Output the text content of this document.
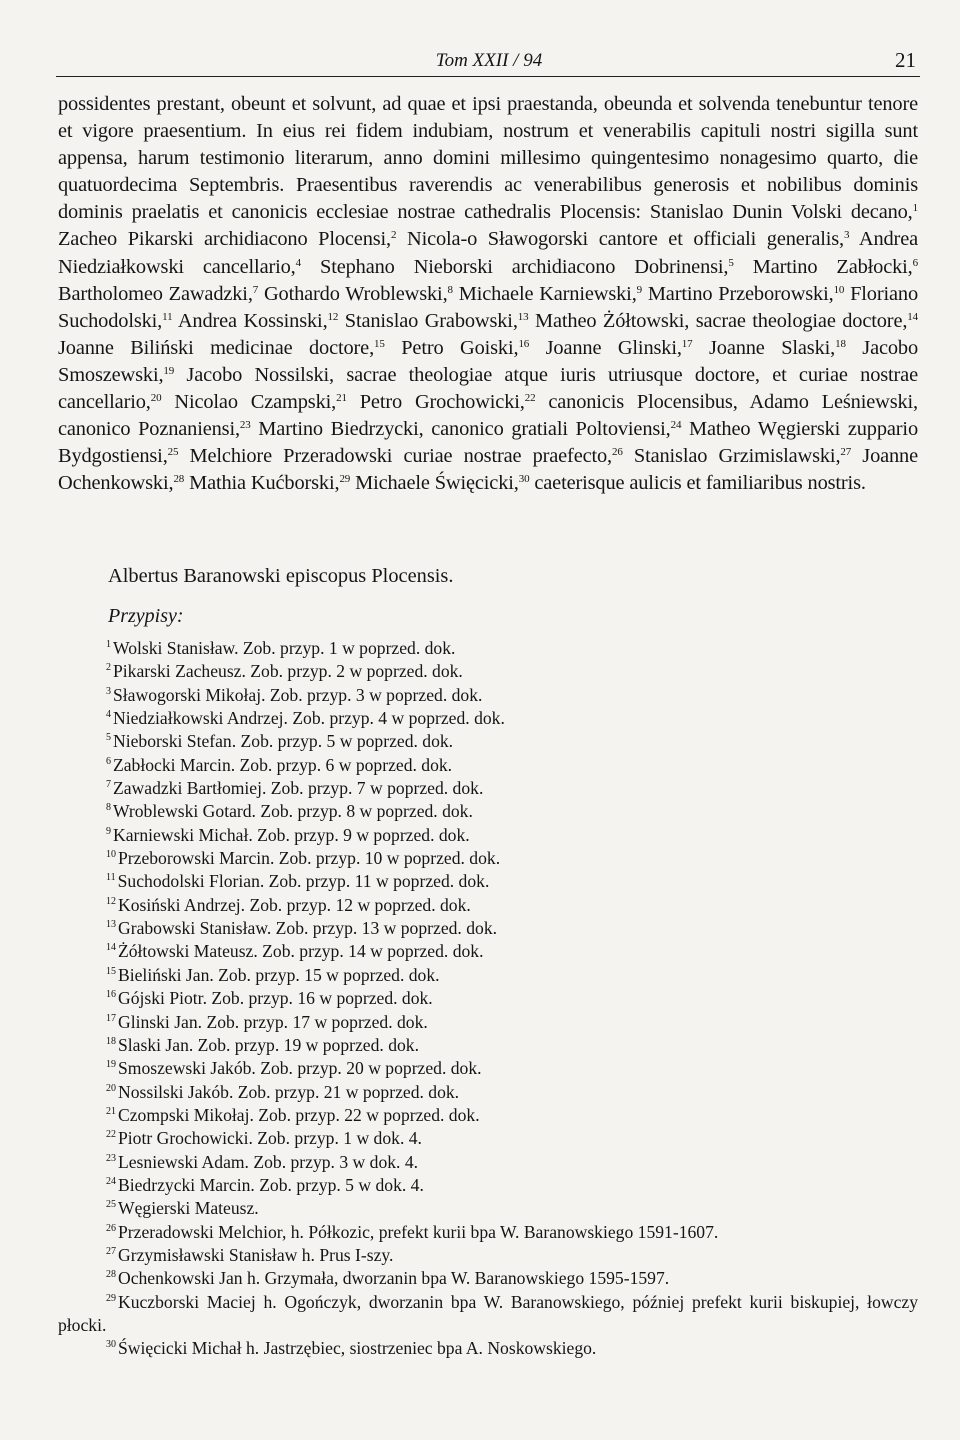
Tom XXII / 94	21

possidentes prestant, obeunt et solvunt, ad quae et ipsi praestanda, obeunda et solvenda tenebuntur tenore et vigore praesentium. In eius rei fidem indubiam, nostrum et venerabilis capituli nostri sigilla sunt appensa, harum testimonio literarum, anno domini millesimo quingentesimo nonagesimo quarto, die quatuordecima Septembris. Praesentibus raverendis ac venerabilibus generosis et nobilibus dominis dominis praelatis et canonicis ecclesiae nostrae cathedralis Plocensis: Stanislao Dunin Volski decano,$^1$ Zacheo Pikarski archidiacono Plocensi,$^2$ Nicola-o Sławogorski cantore et officiali generalis,$^3$ Andrea Niedziałkowski cancellario,$^4$ Stephano Nieborski archidiacono Dobrinensi,$^5$ Martino Zabłocki,$^6$ Bartholomeo Zawadzki,$^7$ Gothardo Wroblewski,$^8$ Michaele Karniewski,$^9$ Martino Przeborowski,$^{10}$ Floriano Suchodolski,$^{11}$ Andrea Kossinski,$^{12}$ Stanislao Grabowski,$^{13}$ Matheo Żółtowski, sacrae theologiae doctore,$^{14}$ Joanne Biliński medicinae doctore,$^{15}$ Petro Goiski,$^{16}$ Joanne Glinski,$^{17}$ Joanne Slaski,$^{18}$ Jacobo Smoszewski,$^{19}$ Jacobo Nossilski, sacrae theologiae atque iuris utriusque doctore, et curiae nostrae cancellario,$^{20}$ Nicolao Czampski,$^{21}$ Petro Grochowicki,$^{22}$ canonicis Plocensibus, Adamo Leśniewski, canonico Poznaniensi,$^{23}$ Martino Biedrzycki, canonico gratiali Poltoviensi,$^{24}$ Matheo Węgierski zuppario Bydgostiensi,$^{25}$ Melchiore Przeradowski curiae nostrae praefecto,$^{26}$ Stanislao Grzimislawski,$^{27}$ Joanne Ochenkowski,$^{28}$ Mathia Kućborski,$^{29}$ Michaele Święcicki,$^{30}$ caeterisque aulicis et familiaribus nostris.

Albertus Baranowski episcopus Plocensis.
Przypisy:
$^1$ Wolski Stanisław. Zob. przyp. 1 w poprzed. dok.
$^2$ Pikarski Zacheusz. Zob. przyp. 2 w poprzed. dok.
$^3$ Sławogorski Mikołaj. Zob. przyp. 3 w poprzed. dok.
$^4$ Niedziałkowski Andrzej. Zob. przyp. 4 w poprzed. dok.
$^5$ Nieborski Stefan. Zob. przyp. 5 w poprzed. dok.
$^6$ Zabłocki Marcin. Zob. przyp. 6 w poprzed. dok.
$^7$ Zawadzki Bartłomiej. Zob. przyp. 7 w poprzed. dok.
$^8$ Wroblewski Gotard. Zob. przyp. 8 w poprzed. dok.
$^9$ Karniewski Michał. Zob. przyp. 9 w poprzed. dok.
$^{10}$ Przeborowski Marcin. Zob. przyp. 10 w poprzed. dok.
$^{11}$ Suchodolski Florian. Zob. przyp. 11 w poprzed. dok.
$^{12}$ Kosiński Andrzej. Zob. przyp. 12 w poprzed. dok.
$^{13}$ Grabowski Stanisław. Zob. przyp. 13 w poprzed. dok.
$^{14}$ Żółtowski Mateusz. Zob. przyp. 14 w poprzed. dok.
$^{15}$ Bieliński Jan. Zob. przyp. 15 w poprzed. dok.
$^{16}$ Gójski Piotr. Zob. przyp. 16 w poprzed. dok.
$^{17}$ Glinski Jan. Zob. przyp. 17 w poprzed. dok.
$^{18}$ Slaski Jan. Zob. przyp. 19 w poprzed. dok.
$^{19}$ Smoszewski Jakób. Zob. przyp. 20 w poprzed. dok.
$^{20}$ Nossilski Jakób. Zob. przyp. 21 w poprzed. dok.
$^{21}$ Czompski Mikołaj. Zob. przyp. 22 w poprzed. dok.
$^{22}$ Piotr Grochowicki. Zob. przyp. 1 w dok. 4.
$^{23}$ Lesniewski Adam. Zob. przyp. 3 w dok. 4.
$^{24}$ Biedrzycki Marcin. Zob. przyp. 5 w dok. 4.
$^{25}$ Węgierski Mateusz.
$^{26}$ Przeradowski Melchior, h. Półkozic, prefekt kurii bpa W. Baranowskiego 1591-1607.
$^{27}$ Grzymisławski Stanisław h. Prus I-szy.
$^{28}$ Ochenkowski Jan h. Grzymała, dworzanin bpa W. Baranowskiego 1595-1597.
$^{29}$ Kuczborski Maciej h. Ogończyk, dworzanin bpa W. Baranowskiego, później prefekt kurii biskupiej, łowczy płocki.
$^{30}$ Święcicki Michał h. Jastrzębiec, siostrzeniec bpa A. Noskowskiego.
